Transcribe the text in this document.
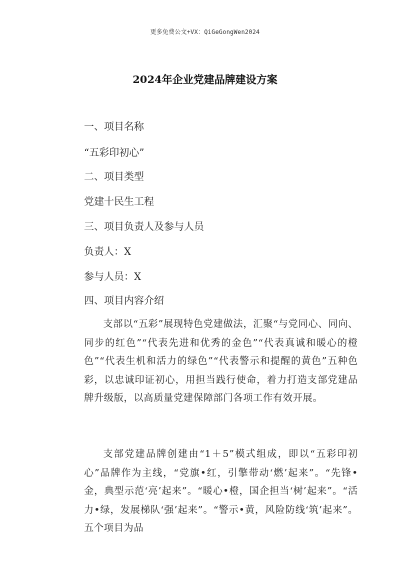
更多免费公文+VX：QiGeGongWen2024
2024年企业党建品牌建设方案
一、项目名称
“五彩印初心”
二、项目类型
党建十民生工程
三、项目负责人及参与人员
负责人：X
参与人员：X
四、项目内容介绍
支部以“五彩”展现特色党建做法，汇聚“与党同心、同向、同步的红色”“代表先进和优秀的金色”“代表真诚和暖心的橙色”“代表生机和活力的绿色”“代表警示和提醒的黄色”五种色彩，以忠诚印证初心，用担当践行使命，着力打造支部党建品牌升级版，以高质量党建保障部门各项工作有效开展。
支部党建品牌创建由“1＋5”模式组成，即以“五彩印初心”品牌作为主线，“党旗•红，引擎带动‘燃’起来”。“先锋•金，典型示范‘亮’起来”。“暖心•橙，国企担当‘树’起来”。“活力•绿，发展梯队‘强’起来”。“警示•黄，风险防线‘筑’起来”。五个项目为品
